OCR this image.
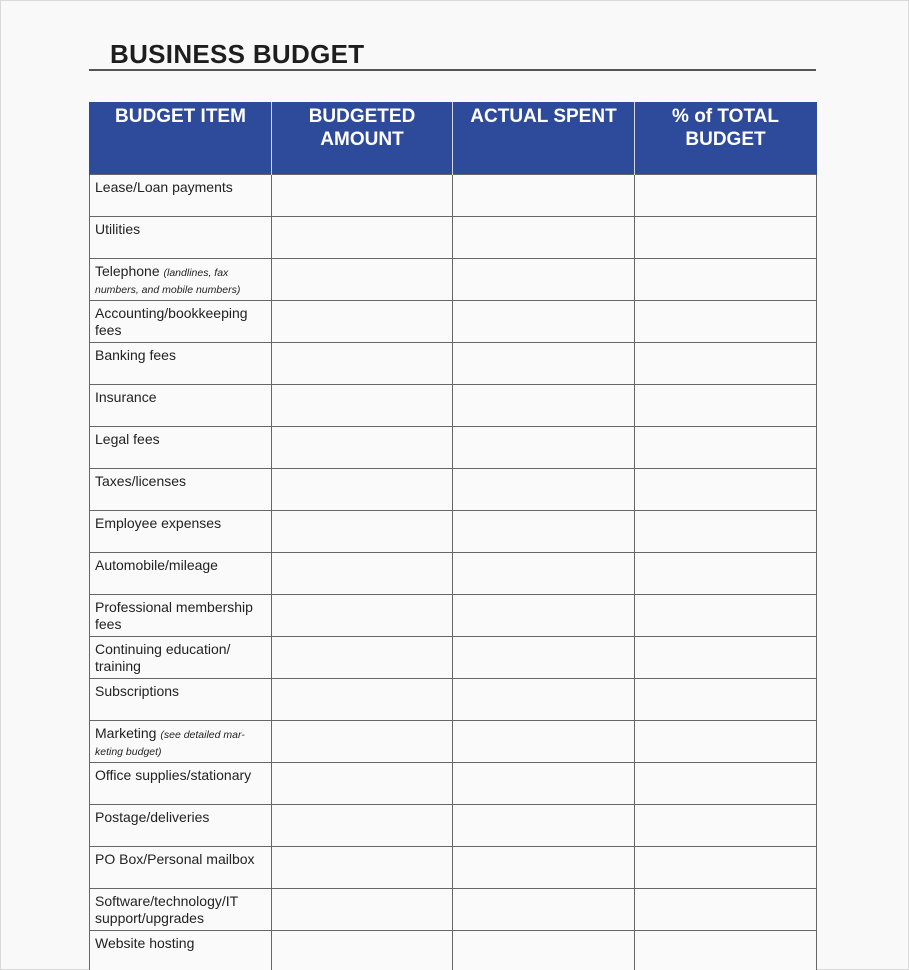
BUSINESS BUDGET
BUDGET ITEM	BUDGETED AMOUNT	ACTUAL SPENT	% of TOTAL BUDGET
Lease/Loan payments			
Utilities			
Telephone (landlines, fax numbers, and mobile numbers)			
Accounting/bookkeeping fees			
Banking fees			
Insurance			
Legal fees			
Taxes/licenses			
Employee expenses			
Automobile/mileage			
Professional membership fees			
Continuing education/ training			
Subscriptions			
Marketing (see detailed mar-keting budget)			
Office supplies/stationary			
Postage/deliveries			
PO Box/Personal mailbox			
Software/technology/IT support/upgrades			
Website hosting			
